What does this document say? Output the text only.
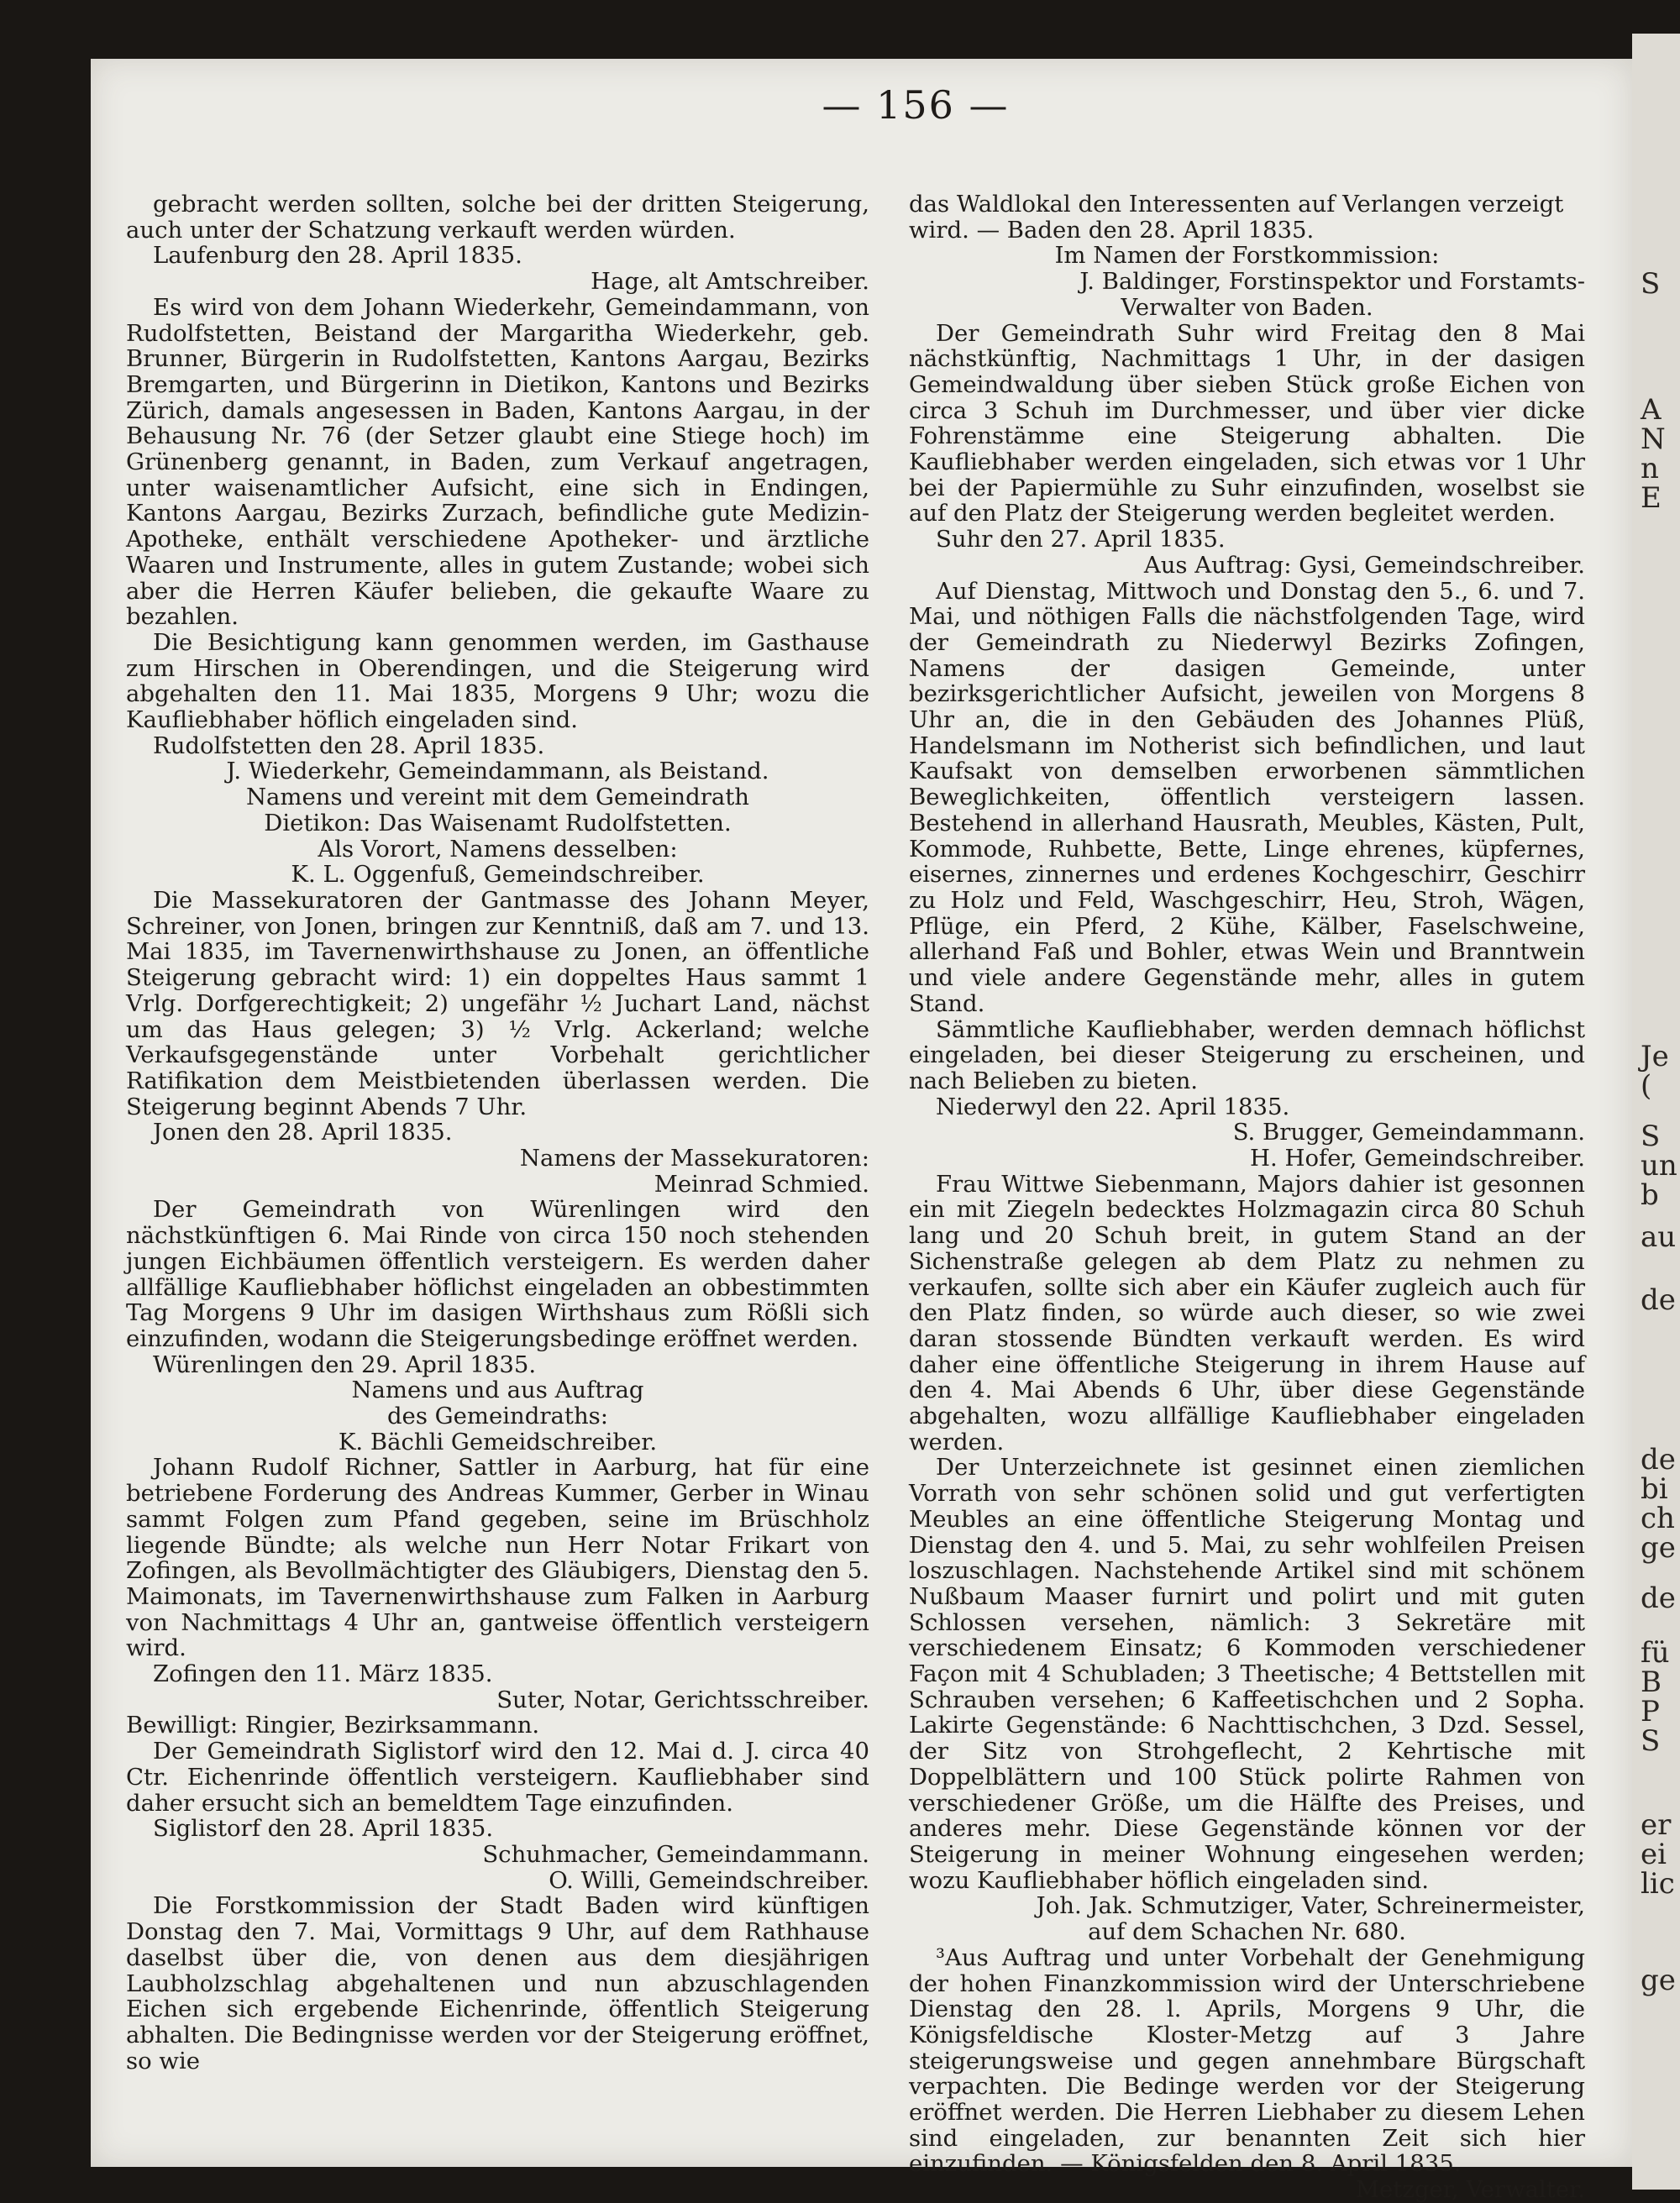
S
A
N
n
E
Je
(
S
un
b
au
de
de
bi
ch
ge
de
fü
B
P
S
er
ei
lic
ge
— 156 —

gebracht werden sollten, solche bei der dritten Steigerung, auch unter der Schatzung verkauft werden würden.

Laufenburg den 28. April 1835.

Hage, alt Amtschreiber.

Es wird von dem Johann Wiederkehr, Gemeindammann, von Rudolfstetten, Beistand der Margaritha Wiederkehr, geb. Brunner, Bürgerin in Rudolfstetten, Kantons Aargau, Bezirks Bremgarten, und Bürgerinn in Dietikon, Kantons und Bezirks Zürich, damals angesessen in Baden, Kantons Aargau, in der Behausung Nr. 76 (der Setzer glaubt eine Stiege hoch) im Grünenberg genannt, in Baden, zum Verkauf angetragen, unter waisenamtlicher Aufsicht, eine sich in Endingen, Kantons Aargau, Bezirks Zurzach, befindliche gute Medizin-Apotheke, enthält verschiedene Apotheker- und ärztliche Waaren und Instrumente, alles in gutem Zustande; wobei sich aber die Herren Käufer belieben, die gekaufte Waare zu bezahlen.

Die Besichtigung kann genommen werden, im Gasthause zum Hirschen in Oberendingen, und die Steigerung wird abgehalten den 11. Mai 1835, Morgens 9 Uhr; wozu die Kaufliebhaber höflich eingeladen sind.

Rudolfstetten den 28. April 1835.

J. Wiederkehr, Gemeindammann, als Beistand.

Namens und vereint mit dem Gemeindrath

Dietikon: Das Waisenamt Rudolfstetten.

Als Vorort, Namens desselben:

K. L. Oggenfuß, Gemeindschreiber.

Die Massekuratoren der Gantmasse des Johann Meyer, Schreiner, von Jonen, bringen zur Kenntniß, daß am 7. und 13. Mai 1835, im Tavernenwirthshause zu Jonen, an öffentliche Steigerung gebracht wird: 1) ein doppeltes Haus sammt 1 Vrlg. Dorfgerechtigkeit; 2) ungefähr ½ Juchart Land, nächst um das Haus gelegen; 3) ½ Vrlg. Ackerland; welche Verkaufsgegenstände unter Vorbehalt gerichtlicher Ratifikation dem Meistbietenden überlassen werden. Die Steigerung beginnt Abends 7 Uhr.

Jonen den 28. April 1835.

Namens der Massekuratoren:

Meinrad Schmied.

Der Gemeindrath von Würenlingen wird den nächstkünftigen 6. Mai Rinde von circa 150 noch stehenden jungen Eichbäumen öffentlich versteigern. Es werden daher allfällige Kaufliebhaber höflichst eingeladen an obbestimmten Tag Morgens 9 Uhr im dasigen Wirthshaus zum Rößli sich einzufinden, wodann die Steigerungsbedinge eröffnet werden.

Würenlingen den 29. April 1835.

Namens und aus Auftrag

des Gemeindraths:

K. Bächli Gemeidschreiber.

Johann Rudolf Richner, Sattler in Aarburg, hat für eine betriebene Forderung des Andreas Kummer, Gerber in Winau sammt Folgen zum Pfand gegeben, seine im Brüschholz liegende Bündte; als welche nun Herr Notar Frikart von Zofingen, als Bevollmächtigter des Gläubigers, Dienstag den 5. Maimonats, im Tavernenwirthshause zum Falken in Aarburg von Nachmittags 4 Uhr an, gantweise öffentlich versteigern wird.

Zofingen den 11. März 1835.

Suter, Notar, Gerichtsschreiber.

Bewilligt: Ringier, Bezirksammann.

Der Gemeindrath Siglistorf wird den 12. Mai d. J. circa 40 Ctr. Eichenrinde öffentlich versteigern. Kaufliebhaber sind daher ersucht sich an bemeldtem Tage einzufinden.

Siglistorf den 28. April 1835.

Schuhmacher, Gemeindammann.

O. Willi, Gemeindschreiber.

Die Forstkommission der Stadt Baden wird künftigen Donstag den 7. Mai, Vormittags 9 Uhr, auf dem Rathhause daselbst über die, von denen aus dem diesjährigen Laubholzschlag abgehaltenen und nun abzuschlagenden Eichen sich ergebende Eichenrinde, öffentlich Steigerung abhalten. Die Bedingnisse werden vor der Steigerung eröffnet, so wie

das Waldlokal den Interessenten auf Verlangen verzeigt wird. — Baden den 28. April 1835.

Im Namen der Forstkommission:

J. Baldinger, Forstinspektor und Forstamts-

Verwalter von Baden.

Der Gemeindrath Suhr wird Freitag den 8 Mai nächstkünftig, Nachmittags 1 Uhr, in der dasigen Gemeindwaldung über sieben Stück große Eichen von circa 3 Schuh im Durchmesser, und über vier dicke Fohrenstämme eine Steigerung abhalten. Die Kaufliebhaber werden eingeladen, sich etwas vor 1 Uhr bei der Papiermühle zu Suhr einzufinden, woselbst sie auf den Platz der Steigerung werden begleitet werden.

Suhr den 27. April 1835.

Aus Auftrag: Gysi, Gemeindschreiber.

Auf Dienstag, Mittwoch und Donstag den 5., 6. und 7. Mai, und nöthigen Falls die nächstfolgenden Tage, wird der Gemeindrath zu Niederwyl Bezirks Zofingen, Namens der dasigen Gemeinde, unter bezirksgerichtlicher Aufsicht, jeweilen von Morgens 8 Uhr an, die in den Gebäuden des Johannes Plüß, Handelsmann im Notherist sich befindlichen, und laut Kaufsakt von demselben erworbenen sämmtlichen Beweglichkeiten, öffentlich versteigern lassen. Bestehend in allerhand Hausrath, Meubles, Kästen, Pult, Kommode, Ruhbette, Bette, Linge ehrenes, küpfernes, eisernes, zinnernes und erdenes Kochgeschirr, Geschirr zu Holz und Feld, Waschgeschirr, Heu, Stroh, Wägen, Pflüge, ein Pferd, 2 Kühe, Kälber, Faselschweine, allerhand Faß und Bohler, etwas Wein und Branntwein und viele andere Gegenstände mehr, alles in gutem Stand.

Sämmtliche Kaufliebhaber, werden demnach höflichst eingeladen, bei dieser Steigerung zu erscheinen, und nach Belieben zu bieten.

Niederwyl den 22. April 1835.

S. Brugger, Gemeindammann.

H. Hofer, Gemeindschreiber.

Frau Wittwe Siebenmann, Majors dahier ist gesonnen ein mit Ziegeln bedecktes Holzmagazin circa 80 Schuh lang und 20 Schuh breit, in gutem Stand an der Sichenstraße gelegen ab dem Platz zu nehmen zu verkaufen, sollte sich aber ein Käufer zugleich auch für den Platz finden, so würde auch dieser, so wie zwei daran stossende Bündten verkauft werden. Es wird daher eine öffentliche Steigerung in ihrem Hause auf den 4. Mai Abends 6 Uhr, über diese Gegenstände abgehalten, wozu allfällige Kaufliebhaber eingeladen werden.

Der Unterzeichnete ist gesinnet einen ziemlichen Vorrath von sehr schönen solid und gut verfertigten Meubles an eine öffentliche Steigerung Montag und Dienstag den 4. und 5. Mai, zu sehr wohlfeilen Preisen loszuschlagen. Nachstehende Artikel sind mit schönem Nußbaum Maaser furnirt und polirt und mit guten Schlossen versehen, nämlich: 3 Sekretäre mit verschiedenem Einsatz; 6 Kommoden verschiedener Façon mit 4 Schubladen; 3 Theetische; 4 Bettstellen mit Schrauben versehen; 6 Kaffeetischchen und 2 Sopha. Lakirte Gegenstände: 6 Nachttischchen, 3 Dzd. Sessel, der Sitz von Strohgeflecht, 2 Kehrtische mit Doppelblättern und 100 Stück polirte Rahmen von verschiedener Größe, um die Hälfte des Preises, und anderes mehr. Diese Gegenstände können vor der Steigerung in meiner Wohnung eingesehen werden; wozu Kaufliebhaber höflich eingeladen sind.

Joh. Jak. Schmutziger, Vater, Schreinermeister,

auf dem Schachen Nr. 680.

³Aus Auftrag und unter Vorbehalt der Genehmigung der hohen Finanzkommission wird der Unterschriebene Dienstag den 28. l. Aprils, Morgens 9 Uhr, die Königsfeldische Kloster-Metzg auf 3 Jahre steigerungsweise und gegen annehmbare Bürgschaft verpachten. Die Bedinge werden vor der Steigerung eröffnet werden. Die Herren Liebhaber zu diesem Lehen sind eingeladen, zur benannten Zeit sich hier einzufinden. — Königsfelden den 8. April 1835.

Metzger, Verwalter.
